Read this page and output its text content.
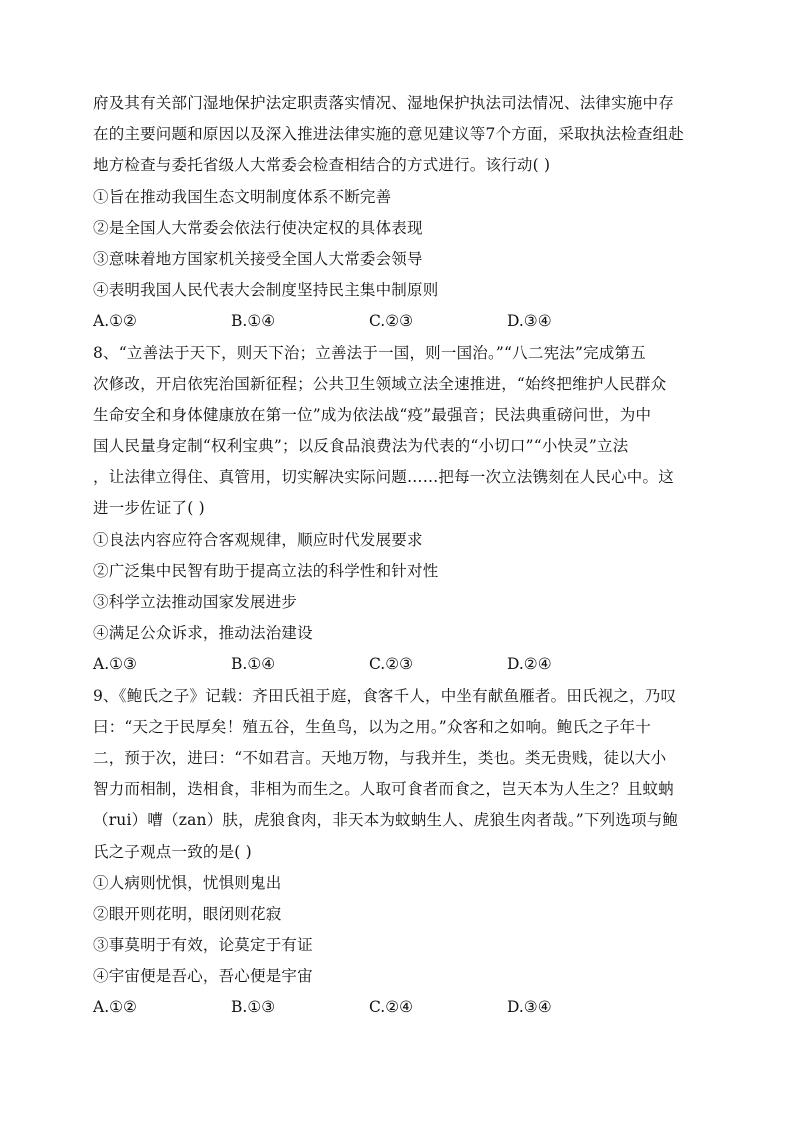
府及其有关部门湿地保护法定职责落实情况、湿地保护执法司法情况、法律实施中存
在的主要问题和原因以及深入推进法律实施的意见建议等7个方面，采取执法检查组赴
地方检查与委托省级人大常委会检查相结合的方式进行。该行动( )
①旨在推动我国生态文明制度体系不断完善
②是全国人大常委会依法行使决定权的具体表现
③意味着地方国家机关接受全国人大常委会领导
④表明我国人民代表大会制度坚持民主集中制原则
A.①②	B.①④	C.②③	D.③④
8、“立善法于天下，则天下治；立善法于一国，则一国治。”“八二宪法”完成第五
次修改，开启依宪治国新征程；公共卫生领域立法全速推进，“始终把维护人民群众
生命安全和身体健康放在第一位”成为依法战“疫”最强音；民法典重磅问世，为中
国人民量身定制“权利宝典”；以反食品浪费法为代表的“小切口”“小快灵”立法
，让法律立得住、真管用，切实解决实际问题……把每一次立法镌刻在人民心中。这
进一步佐证了( )
①良法内容应符合客观规律，顺应时代发展要求
②广泛集中民智有助于提高立法的科学性和针对性
③科学立法推动国家发展进步
④满足公众诉求，推动法治建设
A.①③	B.①④	C.②③	D.②④
9、《鲍氏之子》记载：齐田氏祖于庭，食客千人，中坐有献鱼雁者。田氏视之，乃叹
曰：“天之于民厚矣！殖五谷，生鱼鸟，以为之用。”众客和之如响。鲍氏之子年十
二，预于次，进曰：“不如君言。天地万物，与我并生，类也。类无贵贱，徒以大小
智力而相制，迭相食，非相为而生之。人取可食者而食之，岂天本为人生之？且蚊蚋
（rui）嘈（zan）肤，虎狼食肉，非天本为蚊蚋生人、虎狼生肉者哉。”下列选项与鲍
氏之子观点一致的是( )
①人病则忧惧，忧惧则鬼出
②眼开则花明，眼闭则花寂
③事莫明于有效，论莫定于有证
④宇宙便是吾心，吾心便是宇宙
A.①②	B.①③	C.②④	D.③④
